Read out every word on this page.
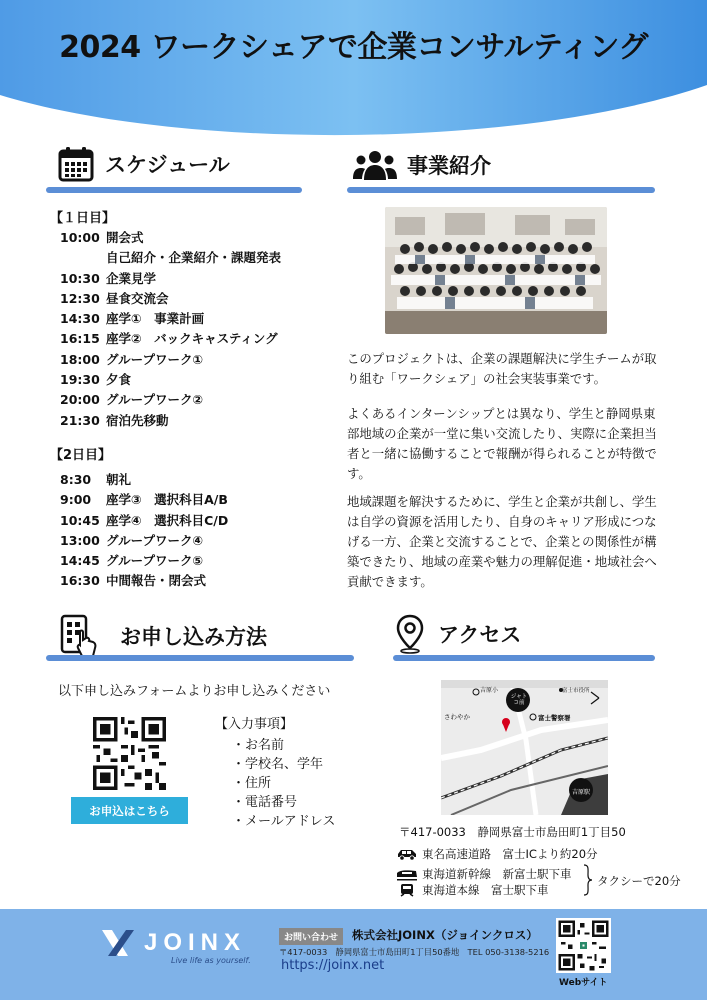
2024 ワークシェアで企業コンサルティング
スケジュール
【１日目】
10:00 開会式
自己紹介・企業紹介・課題発表
10:30 企業見学
12:30 昼食交流会
14:30 座学①　事業計画
16:15 座学②　バックキャスティング
18:00 グループワーク①
19:30 夕食
20:00 グループワーク②
21:30 宿泊先移動
【2日目】
8:30	朝礼
9:00	座学③　選択科目A/B
10:45 座学④　選択科目C/D
13:00 グループワーク④
14:45 グループワーク⑤
16:30 中間報告・閉会式
事業紹介
このプロジェクトは、企業の課題解決に学生チームが取り組む「ワークシェア」の社会実装事業です。
よくあるインターンシップとは異なり、学生と静岡県東部地域の企業が一堂に集い交流したり、実際に企業担当者と一緒に協働することで報酬が得られることが特徴です。
地域課題を解決するために、学生と企業が共創し、学生は自学の資源を活用したり、自身のキャリア形成につなげる一方、企業と交流することで、企業との関係性が構築できたり、地域の産業や魅力の理解促進・地域社会へ貢献できます。
お申し込み方法
以下申し込みフォームよりお申し込みください
お申込はこちら
【入力事項】
・お名前
・学校名、学年
・住所
・電話番号
・メールアドレス
アクセス
吉原小
ジャトコ前
富士市役所
富士警察署
さわやか
吉原駅
〒417-0033　静岡県富士市島田町1丁目50
東名高速道路　富士ICより約20分
東海道新幹線　新富士駅下車
東海道本線　富士駅下車
タクシーで20分
JOINX
Live life as yourself.
お問い合わせ	株式会社JOINX（ジョインクロス）
〒417-0033　静岡県富士市島田町1丁目50番地　TEL 050-3138-5216
https://joinx.net
Webサイト
